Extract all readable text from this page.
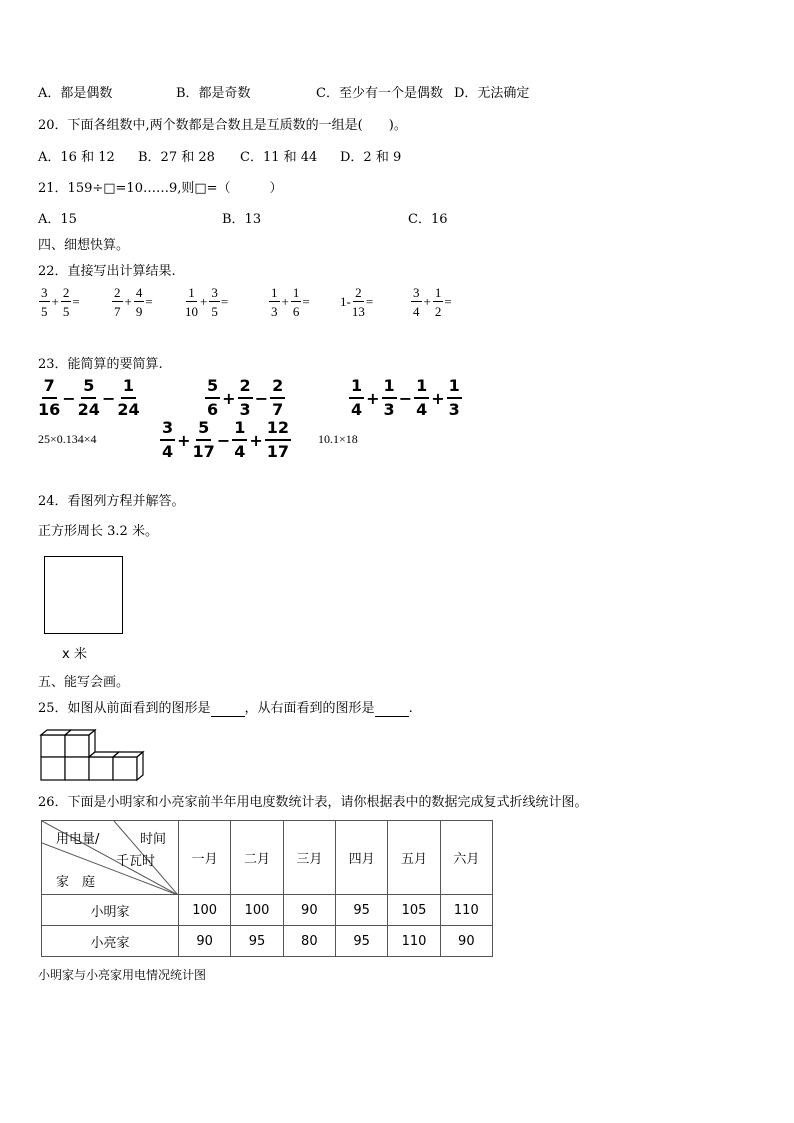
A．都是偶数	B．都是奇数	C．至少有一个是偶数 D．无法确定
20．下面各组数中,两个数都是合数且是互质数的一组是(　　)。
A．16 和 12 B．27 和 28 C．11 和 44 D．2 和 9
21．159÷□=10……9,则□=（　　　）
A．15	B．13	C．16
四、细想快算。
22．直接写出计算结果.
3
5
+ $\frac{2}{5}$ =
2
7
+ $\frac{4}{9}$ =
1
10
+ $\frac{3}{5}$ =
1
3
+ $\frac{1}{6} = 1- \frac{2}{13}$ =
3
4
+ $\frac{1}{2}$ =
23．能简算的要简算.
7
16
− $\frac{5}{24} - \frac{1}{24}$	5
6
+ $\frac{2}{3} - \frac{2}{7}$	1
4
+ $\frac{1}{3} - \frac{1}{4} + \frac{1}{3}$
25×0.134×4
3
4
+ $\frac{5}{17} - \frac{1}{4} + \frac{12}{17} 10.1\times 18$
24．看图列方程并解答。
正方形周长 3.2 米。
x 米
五、能写会画。
25．如图从前面看到的图形是	，从右面看到的图形是	.
26．下面是小明家和小亮家前半年用电度数统计表，请你根据表中的数据完成复式折线统计图。
用电量/ 时间
千瓦时
家　庭	一月	二月	三月	四月	五月	六月
小明家	100	100	90	95	105	110
小亮家	90	95	80	95	110	90
小明家与小亮家用电情况统计图
